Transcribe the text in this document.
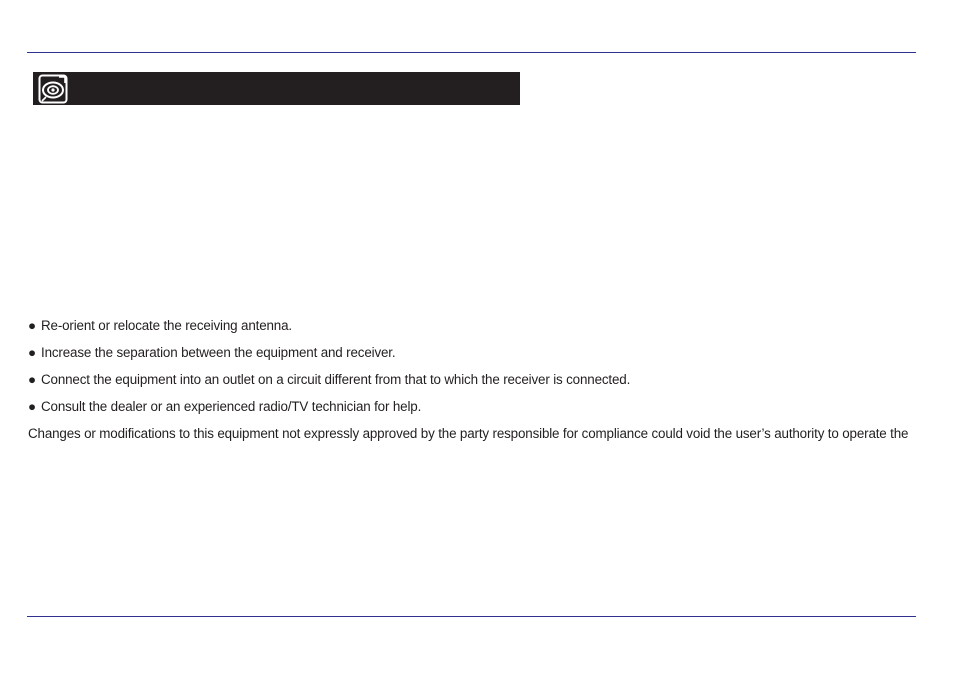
● Re-orient or relocate the receiving antenna.
● Increase the separation between the equipment and receiver.
● Connect the equipment into an outlet on a circuit different from that to which the receiver is connected.
● Consult the dealer or an experienced radio/TV technician for help.
Changes or modifications to this equipment not expressly approved by the party responsible for compliance could void the user’s authority to operate the
